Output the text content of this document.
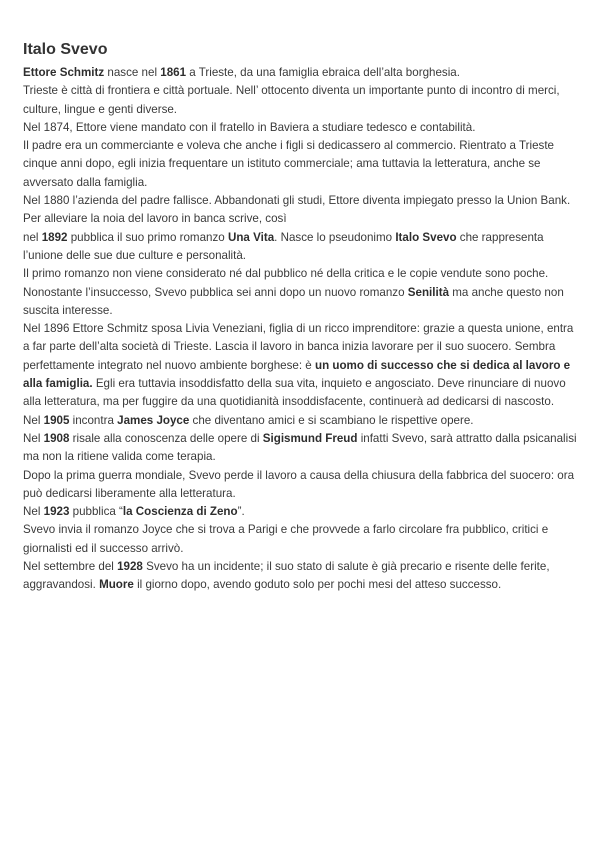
Italo Svevo

Ettore Schmitz nasce nel 1861 a Trieste, da una famiglia ebraica dell’alta borghesia.

Trieste è città di frontiera e città portuale. Nell’ ottocento diventa un importante punto di incontro di merci, culture, lingue e genti diverse.

Nel 1874, Ettore viene mandato con il fratello in Baviera a studiare tedesco e contabilità.

Il padre era un commerciante e voleva che anche i figli si dedicassero al commercio. Rientrato a Trieste cinque anni dopo, egli inizia frequentare un istituto commerciale; ama tuttavia la letteratura, anche se avversato dalla famiglia.

Nel 1880 l’azienda del padre fallisce. Abbandonati gli studi, Ettore diventa impiegato presso la Union Bank.

Per alleviare la noia del lavoro in banca scrive, così

nel 1892 pubblica il suo primo romanzo Una Vita. Nasce lo pseudonimo Italo Svevo che rappresenta l’unione delle sue due culture e personalità.

Il primo romanzo non viene considerato né dal pubblico né della critica e le copie vendute sono poche. Nonostante l’insuccesso, Svevo pubblica sei anni dopo un nuovo romanzo Senilità ma anche questo non suscita interesse.

Nel 1896 Ettore Schmitz sposa Livia Veneziani, figlia di un ricco imprenditore: grazie a questa unione, entra a far parte dell’alta società di Trieste. Lascia il lavoro in banca inizia lavorare per il suo suocero. Sembra perfettamente integrato nel nuovo ambiente borghese: è un uomo di successo che si dedica al lavoro e alla famiglia. Egli era tuttavia insoddisfatto della sua vita, inquieto e angosciato. Deve rinunciare di nuovo alla letteratura, ma per fuggire da una quotidianità insoddisfacente, continuerà ad dedicarsi di nascosto.

Nel 1905 incontra James Joyce che diventano amici e si scambiano le rispettive opere.

Nel 1908 risale alla conoscenza delle opere di Sigismund Freud infatti Svevo, sarà attratto dalla psicanalisi ma non la ritiene valida come terapia.

Dopo la prima guerra mondiale, Svevo perde il lavoro a causa della chiusura della fabbrica del suocero: ora può dedicarsi liberamente alla letteratura.

Nel 1923 pubblica “la Coscienza di Zeno”.

Svevo invia il romanzo Joyce che si trova a Parigi e che provvede a farlo circolare fra pubblico, critici e giornalisti ed il successo arrivò.

Nel settembre del 1928 Svevo ha un incidente; il suo stato di salute è già precario e risente delle ferite, aggravandosi. Muore il giorno dopo, avendo goduto solo per pochi mesi del atteso successo.
